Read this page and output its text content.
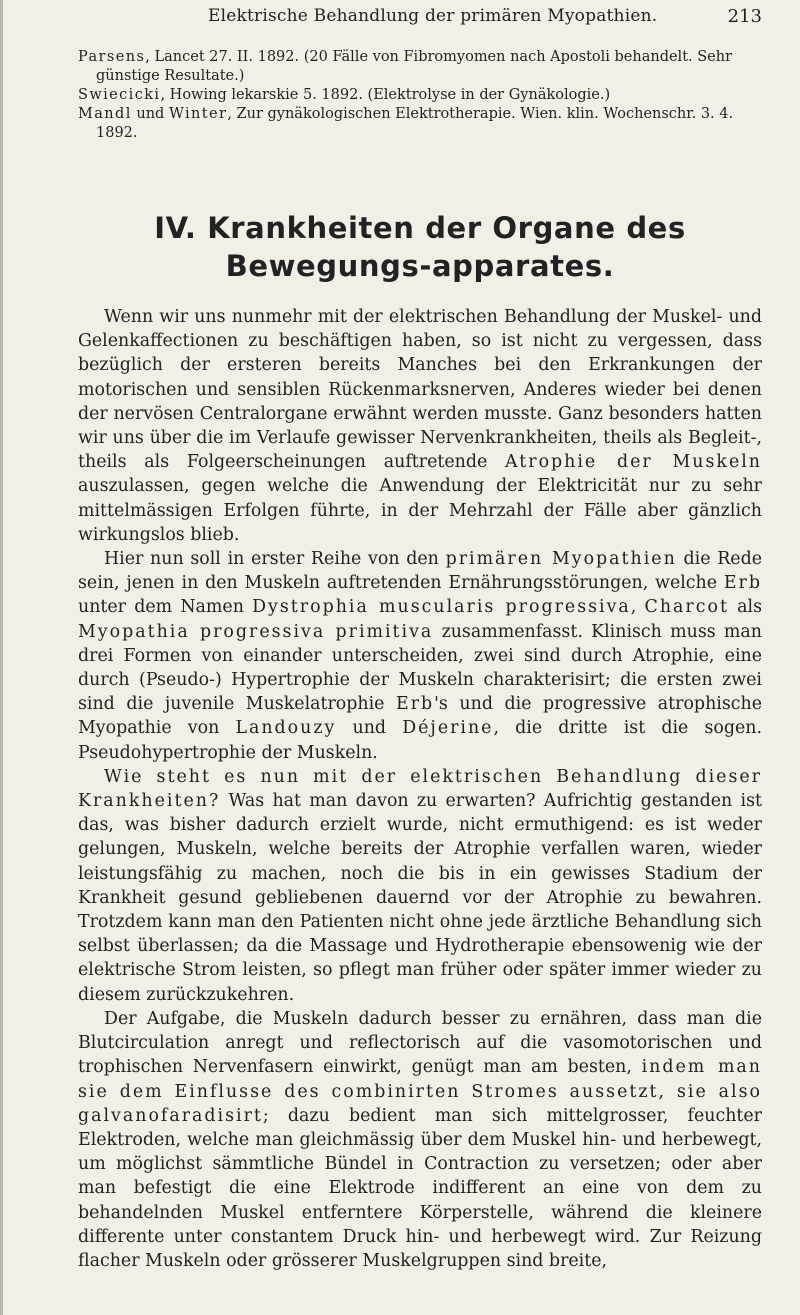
Elektrische Behandlung der primären Myopathien.	213

Parsens, Lancet 27. II. 1892. (20 Fälle von Fibromyomen nach Apostoli behandelt. Sehr günstige Resultate.)

Swiecicki, Howing lekarskie 5. 1892. (Elektrolyse in der Gynäkologie.)

Mandl und Winter, Zur gynäkologischen Elektrotherapie. Wien. klin. Wochenschr. 3. 4. 1892.

IV. Krankheiten der Organe des Bewegungs-apparates.

Wenn wir uns nunmehr mit der elektrischen Behandlung der Muskel- und Gelenkaffectionen zu beschäftigen haben, so ist nicht zu vergessen, dass bezüglich der ersteren bereits Manches bei den Erkrankungen der motorischen und sensiblen Rückenmarksnerven, Anderes wieder bei denen der nervösen Centralorgane erwähnt werden musste. Ganz besonders hatten wir uns über die im Verlaufe gewisser Nervenkrankheiten, theils als Begleit-, theils als Folgeerscheinungen auftretende Atrophie der Muskeln auszulassen, gegen welche die Anwendung der Elektricität nur zu sehr mittelmässigen Erfolgen führte, in der Mehrzahl der Fälle aber gänzlich wirkungslos blieb.

Hier nun soll in erster Reihe von den primären Myopathien die Rede sein, jenen in den Muskeln auftretenden Ernährungsstörungen, welche Erb unter dem Namen Dystrophia muscularis progressiva, Charcot als Myopathia progressiva primitiva zusammenfasst. Klinisch muss man drei Formen von einander unterscheiden, zwei sind durch Atrophie, eine durch (Pseudo-) Hypertrophie der Muskeln charakterisirt; die ersten zwei sind die juvenile Muskelatrophie Erb's und die progressive atrophische Myopathie von Landouzy und Déjerine, die dritte ist die sogen. Pseudohypertrophie der Muskeln.

Wie steht es nun mit der elektrischen Behandlung dieser Krankheiten? Was hat man davon zu erwarten? Aufrichtig gestanden ist das, was bisher dadurch erzielt wurde, nicht ermuthigend: es ist weder gelungen, Muskeln, welche bereits der Atrophie verfallen waren, wieder leistungsfähig zu machen, noch die bis in ein gewisses Stadium der Krankheit gesund gebliebenen dauernd vor der Atrophie zu bewahren. Trotzdem kann man den Patienten nicht ohne jede ärztliche Behandlung sich selbst überlassen; da die Massage und Hydrotherapie ebensowenig wie der elektrische Strom leisten, so pflegt man früher oder später immer wieder zu diesem zurückzukehren.

Der Aufgabe, die Muskeln dadurch besser zu ernähren, dass man die Blutcirculation anregt und reflectorisch auf die vasomotorischen und trophischen Nervenfasern einwirkt, genügt man am besten, indem man sie dem Einflusse des combinirten Stromes aussetzt, sie also galvanofaradisirt; dazu bedient man sich mittelgrosser, feuchter Elektroden, welche man gleichmässig über dem Muskel hin- und herbewegt, um möglichst sämmtliche Bündel in Contraction zu versetzen; oder aber man befestigt die eine Elektrode indifferent an eine von dem zu behandelnden Muskel entferntere Körperstelle, während die kleinere differente unter constantem Druck hin- und herbewegt wird. Zur Reizung flacher Muskeln oder grösserer Muskelgruppen sind breite,
